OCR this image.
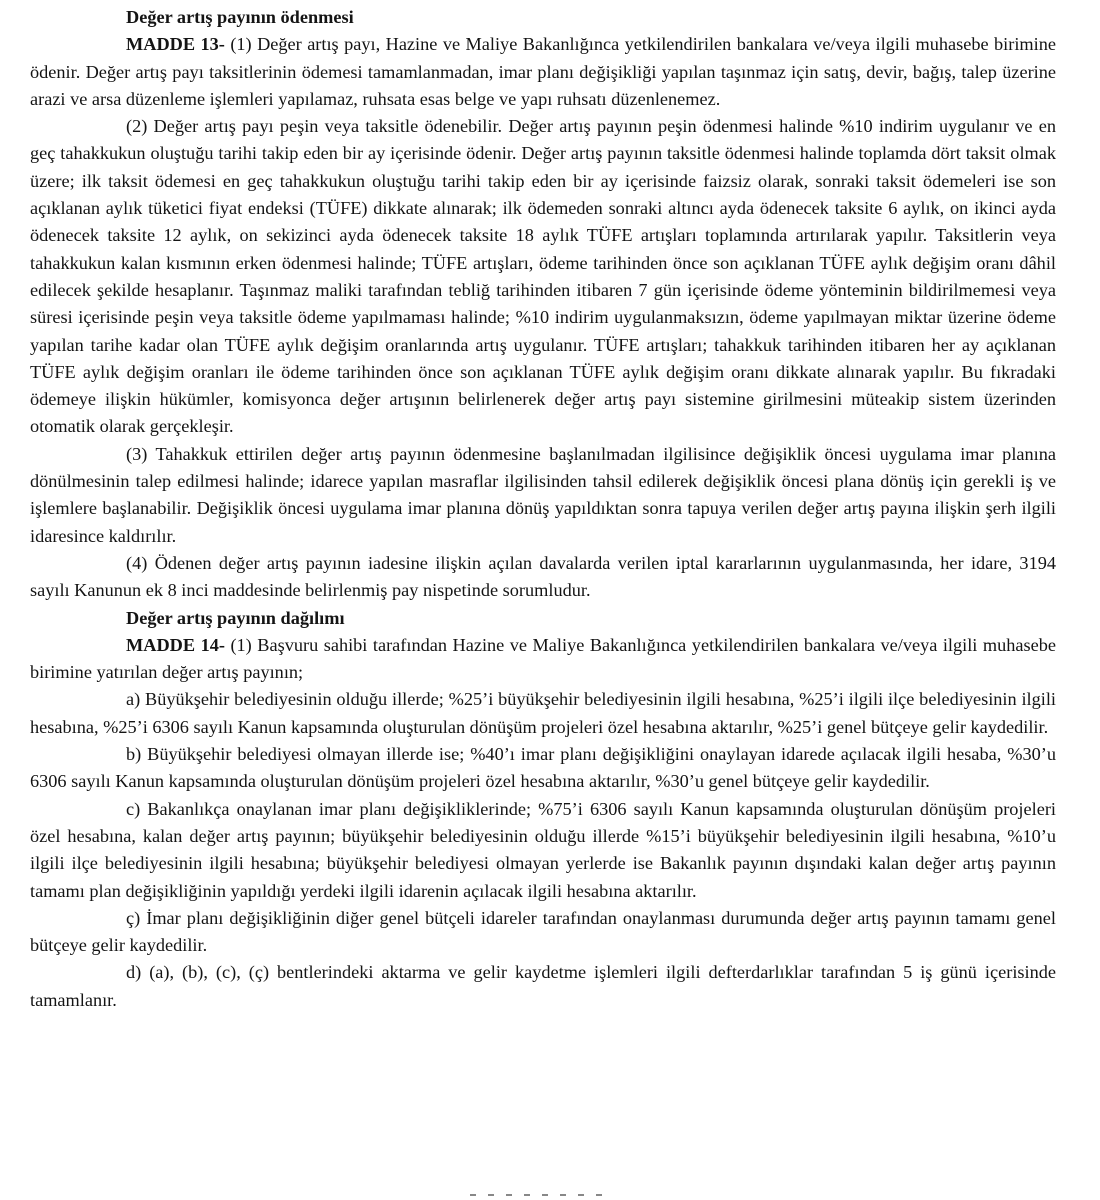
Değer artış payının ödenmesi

MADDE 13- (1) Değer artış payı, Hazine ve Maliye Bakanlığınca yetkilendirilen bankalara ve/veya ilgili muhasebe birimine ödenir. Değer artış payı taksitlerinin ödemesi tamamlanmadan, imar planı değişikliği yapılan taşınmaz için satış, devir, bağış, talep üzerine arazi ve arsa düzenleme işlemleri yapılamaz, ruhsata esas belge ve yapı ruhsatı düzenlenemez.

(2) Değer artış payı peşin veya taksitle ödenebilir. Değer artış payının peşin ödenmesi halinde %10 indirim uygulanır ve en geç tahakkukun oluştuğu tarihi takip eden bir ay içerisinde ödenir. Değer artış payının taksitle ödenmesi halinde toplamda dört taksit olmak üzere; ilk taksit ödemesi en geç tahakkukun oluştuğu tarihi takip eden bir ay içerisinde faizsiz olarak, sonraki taksit ödemeleri ise son açıklanan aylık tüketici fiyat endeksi (TÜFE) dikkate alınarak; ilk ödemeden sonraki altıncı ayda ödenecek taksite 6 aylık, on ikinci ayda ödenecek taksite 12 aylık, on sekizinci ayda ödenecek taksite 18 aylık TÜFE artışları toplamında artırılarak yapılır. Taksitlerin veya tahakkukun kalan kısmının erken ödenmesi halinde; TÜFE artışları, ödeme tarihinden önce son açıklanan TÜFE aylık değişim oranı dâhil edilecek şekilde hesaplanır. Taşınmaz maliki tarafından tebliğ tarihinden itibaren 7 gün içerisinde ödeme yönteminin bildirilmemesi veya süresi içerisinde peşin veya taksitle ödeme yapılmaması halinde; %10 indirim uygulanmaksızın, ödeme yapılmayan miktar üzerine ödeme yapılan tarihe kadar olan TÜFE aylık değişim oranlarında artış uygulanır. TÜFE artışları; tahakkuk tarihinden itibaren her ay açıklanan TÜFE aylık değişim oranları ile ödeme tarihinden önce son açıklanan TÜFE aylık değişim oranı dikkate alınarak yapılır. Bu fıkradaki ödemeye ilişkin hükümler, komisyonca değer artışının belirlenerek değer artış payı sistemine girilmesini müteakip sistem üzerinden otomatik olarak gerçekleşir.

(3) Tahakkuk ettirilen değer artış payının ödenmesine başlanılmadan ilgilisince değişiklik öncesi uygulama imar planına dönülmesinin talep edilmesi halinde; idarece yapılan masraflar ilgilisinden tahsil edilerek değişiklik öncesi plana dönüş için gerekli iş ve işlemlere başlanabilir. Değişiklik öncesi uygulama imar planına dönüş yapıldıktan sonra tapuya verilen değer artış payına ilişkin şerh ilgili idaresince kaldırılır.

(4) Ödenen değer artış payının iadesine ilişkin açılan davalarda verilen iptal kararlarının uygulanmasında, her idare, 3194 sayılı Kanunun ek 8 inci maddesinde belirlenmiş pay nispetinde sorumludur.

Değer artış payının dağılımı

MADDE 14- (1) Başvuru sahibi tarafından Hazine ve Maliye Bakanlığınca yetkilendirilen bankalara ve/veya ilgili muhasebe birimine yatırılan değer artış payının;

a) Büyükşehir belediyesinin olduğu illerde; %25’i büyükşehir belediyesinin ilgili hesabına, %25’i ilgili ilçe belediyesinin ilgili hesabına, %25’i 6306 sayılı Kanun kapsamında oluşturulan dönüşüm projeleri özel hesabına aktarılır, %25’i genel bütçeye gelir kaydedilir.

b) Büyükşehir belediyesi olmayan illerde ise; %40’ı imar planı değişikliğini onaylayan idarede açılacak ilgili hesaba, %30’u 6306 sayılı Kanun kapsamında oluşturulan dönüşüm projeleri özel hesabına aktarılır, %30’u genel bütçeye gelir kaydedilir.

c) Bakanlıkça onaylanan imar planı değişikliklerinde; %75’i 6306 sayılı Kanun kapsamında oluşturulan dönüşüm projeleri özel hesabına, kalan değer artış payının; büyükşehir belediyesinin olduğu illerde %15’i büyükşehir belediyesinin ilgili hesabına, %10’u ilgili ilçe belediyesinin ilgili hesabına; büyükşehir belediyesi olmayan yerlerde ise Bakanlık payının dışındaki kalan değer artış payının tamamı plan değişikliğinin yapıldığı yerdeki ilgili idarenin açılacak ilgili hesabına aktarılır.

ç) İmar planı değişikliğinin diğer genel bütçeli idareler tarafından onaylanması durumunda değer artış payının tamamı genel bütçeye gelir kaydedilir.

d) (a), (b), (c), (ç) bentlerindeki aktarma ve gelir kaydetme işlemleri ilgili defterdarlıklar tarafından 5 iş günü içerisinde tamamlanır.
